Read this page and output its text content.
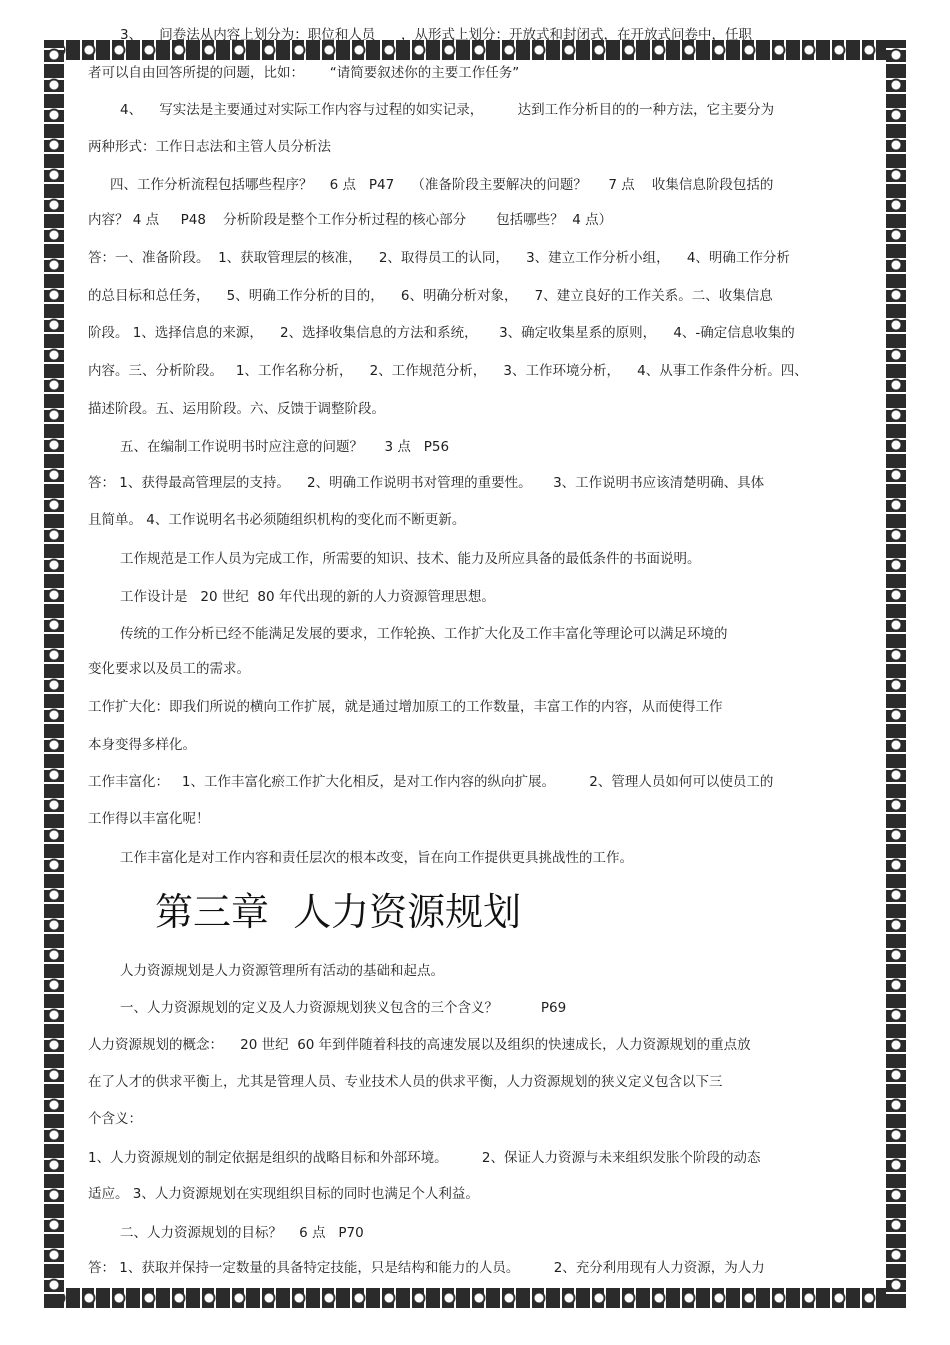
3、    问卷法从内容上划分为：职位和人员      ，从形式上划分：开放式和封闭式，在开放式问卷中，任职
者可以自由回答所提的问题，比如：      “请简要叙述你的主要工作任务”
4、    写实法是主要通过对实际工作内容与过程的如实记录，        达到工作分析目的的一种方法，它主要分为
两种形式：工作日志法和主管人员分析法
四、工作分析流程包括哪些程序？    6 点   P47    （准备阶段主要解决的问题？     7 点    收集信息阶段包括的
内容？ 4 点     P48    分析阶段是整个工作分析过程的核心部分       包括哪些？  4 点）
答：一、准备阶段。  1、获取管理层的核准，    2、取得员工的认同，    3、建立工作分析小组，    4、明确工作分析
的总目标和总任务，    5、明确工作分析的目的，    6、明确分析对象，    7、建立良好的工作关系。二、收集信息
阶段。 1、选择信息的来源，    2、选择收集信息的方法和系统，     3、确定收集星系的原则，    4、-确定信息收集的
内容。三、分析阶段。   1、工作名称分析，    2、工作规范分析，    3、工作环境分析，    4、从事工作条件分析。四、
描述阶段。五、运用阶段。六、反馈于调整阶段。
五、在编制工作说明书时应注意的问题？     3 点   P56
答： 1、获得最高管理层的支持。    2、明确工作说明书对管理的重要性。     3、工作说明书应该清楚明确、具体
且简单。 4、工作说明名书必须随组织机构的变化而不断更新。
工作规范是工作人员为完成工作，所需要的知识、技术、能力及所应具备的最低条件的书面说明。
工作设计是   20 世纪  80 年代出现的新的人力资源管理思想。
传统的工作分析已经不能满足发展的要求，工作轮换、工作扩大化及工作丰富化等理论可以满足环境的
变化要求以及员工的需求。
工作扩大化：即我们所说的横向工作扩展，就是通过增加原工的工作数量，丰富工作的内容，从而使得工作
本身变得多样化。
工作丰富化：   1、工作丰富化瘀工作扩大化相反，是对工作内容的纵向扩展。        2、管理人员如何可以使员工的
工作得以丰富化呢！
工作丰富化是对工作内容和责任层次的根本改变，旨在向工作提供更具挑战性的工作。
第三章  人力资源规划
人力资源规划是人力资源管理所有活动的基础和起点。
一、人力资源规划的定义及人力资源规划狭义包含的三个含义？          P69
人力资源规划的概念：    20 世纪  60 年到伴随着科技的高速发展以及组织的快速成长，人力资源规划的重点放
在了人才的供求平衡上，尤其是管理人员、专业技术人员的供求平衡，人力资源规划的狭义定义包含以下三
个含义：
1、人力资源规划的制定依据是组织的战略目标和外部环境。        2、保证人力资源与未来组织发胀个阶段的动态
适应。 3、人力资源规划在实现组织目标的同时也满足个人利益。
二、人力资源规划的目标？    6 点   P70
答： 1、获取并保持一定数量的具备特定技能，只是结构和能力的人员。        2、充分利用现有人力资源，为人力
